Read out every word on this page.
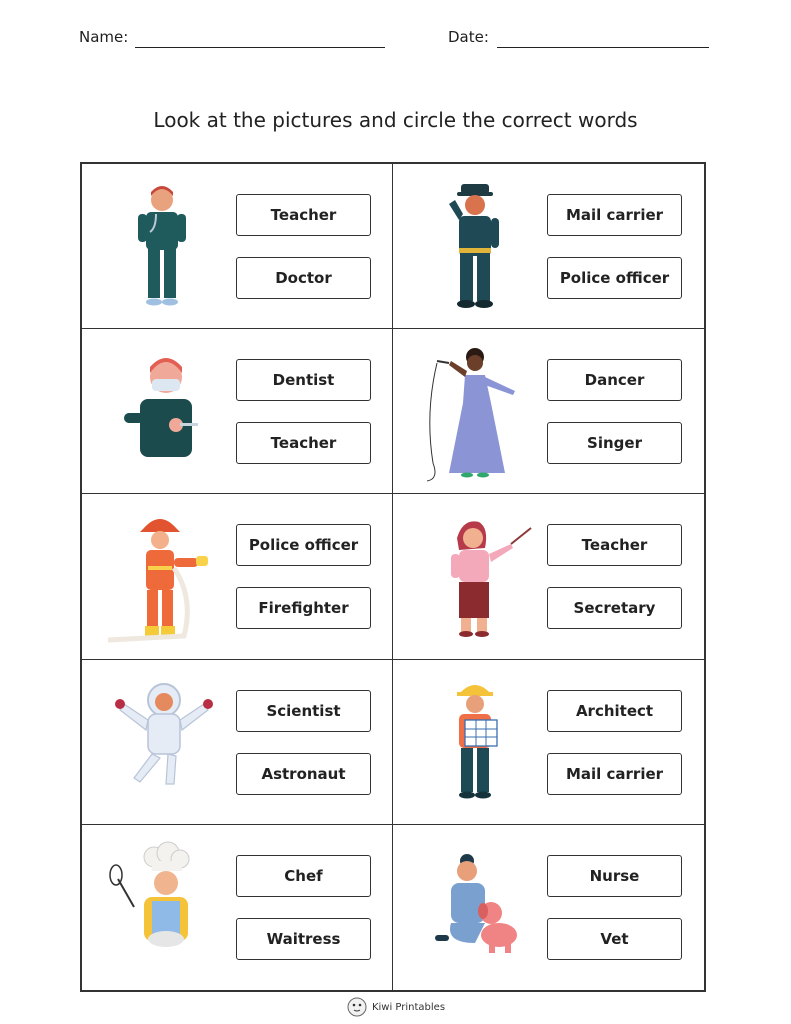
Name:	Date:
Look at the pictures and circle the correct words
Teacher
Doctor
Mail carrier
Police officer
Dentist
Teacher
Dancer
Singer
Police officer
Firefighter
Teacher
Secretary
Scientist
Astronaut
Architect
Mail carrier
Chef
Waitress
Nurse
Vet
Kiwi Printables
